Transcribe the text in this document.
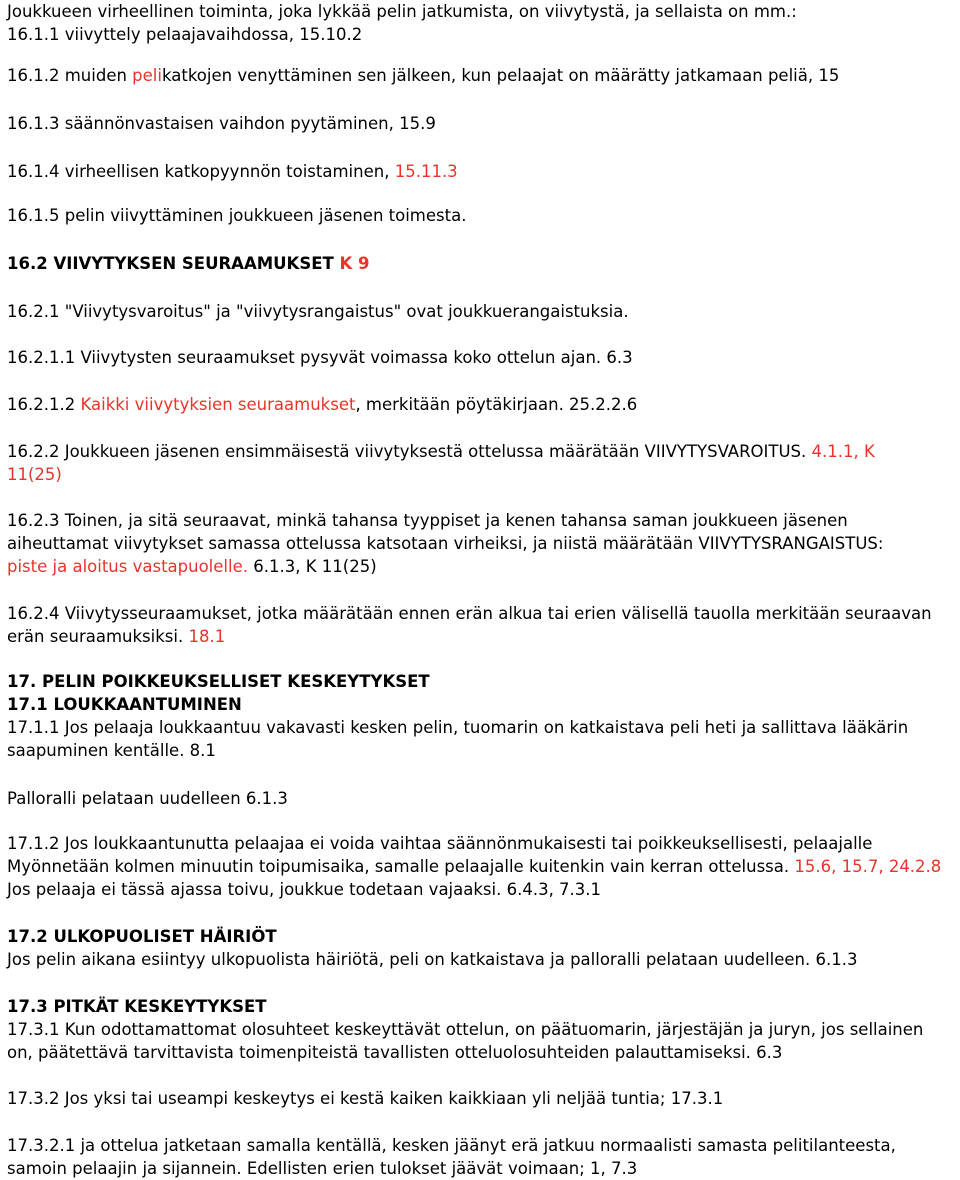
Joukkueen virheellinen toiminta, joka lykkää pelin jatkumista, on viivytystä, ja sellaista on mm.:
16.1.1 viivyttely pelaajavaihdossa, 15.10.2
16.1.2 muiden pelikatkojen venyttäminen sen jälkeen, kun pelaajat on määrätty jatkamaan peliä, 15
16.1.3 säännönvastaisen vaihdon pyytäminen, 15.9
16.1.4 virheellisen katkopyynnön toistaminen, 15.11.3
16.1.5 pelin viivyttäminen joukkueen jäsenen toimesta.
16.2 VIIVYTYKSEN SEURAAMUKSET K 9
16.2.1 "Viivytysvaroitus" ja "viivytysrangaistus" ovat joukkuerangaistuksia.
16.2.1.1 Viivytysten seuraamukset pysyvät voimassa koko ottelun ajan. 6.3
16.2.1.2 Kaikki viivytyksien seuraamukset, merkitään pöytäkirjaan. 25.2.2.6
16.2.2 Joukkueen jäsenen ensimmäisestä viivytyksestä ottelussa määrätään VIIVYTYSVAROITUS. 4.1.1, K
11(25)
16.2.3 Toinen, ja sitä seuraavat, minkä tahansa tyyppiset ja kenen tahansa saman joukkueen jäsenen
aiheuttamat viivytykset samassa ottelussa katsotaan virheiksi, ja niistä määrätään VIIVYTYSRANGAISTUS:
piste ja aloitus vastapuolelle. 6.1.3, K 11(25)
16.2.4 Viivytysseuraamukset, jotka määrätään ennen erän alkua tai erien välisellä tauolla merkitään seuraavan
erän seuraamuksiksi. 18.1
17. PELIN POIKKEUKSELLISET KESKEYTYKSET
17.1 LOUKKAANTUMINEN
17.1.1 Jos pelaaja loukkaantuu vakavasti kesken pelin, tuomarin on katkaistava peli heti ja sallittava lääkärin
saapuminen kentälle. 8.1
Palloralli pelataan uudelleen 6.1.3
17.1.2 Jos loukkaantunutta pelaajaa ei voida vaihtaa säännönmukaisesti tai poikkeuksellisesti, pelaajalle
Myönnetään kolmen minuutin toipumisaika, samalle pelaajalle kuitenkin vain kerran ottelussa. 15.6, 15.7, 24.2.8
Jos pelaaja ei tässä ajassa toivu, joukkue todetaan vajaaksi. 6.4.3, 7.3.1
17.2 ULKOPUOLISET HÄIRIÖT
Jos pelin aikana esiintyy ulkopuolista häiriötä, peli on katkaistava ja palloralli pelataan uudelleen. 6.1.3
17.3 PITKÄT KESKEYTYKSET
17.3.1 Kun odottamattomat olosuhteet keskeyttävät ottelun, on päätuomarin, järjestäjän ja juryn, jos sellainen
on, päätettävä tarvittavista toimenpiteistä tavallisten otteluolosuhteiden palauttamiseksi. 6.3
17.3.2 Jos yksi tai useampi keskeytys ei kestä kaiken kaikkiaan yli neljää tuntia; 17.3.1
17.3.2.1 ja ottelua jatketaan samalla kentällä, kesken jäänyt erä jatkuu normaalisti samasta pelitilanteesta,
samoin pelaajin ja sijannein. Edellisten erien tulokset jäävät voimaan; 1, 7.3
